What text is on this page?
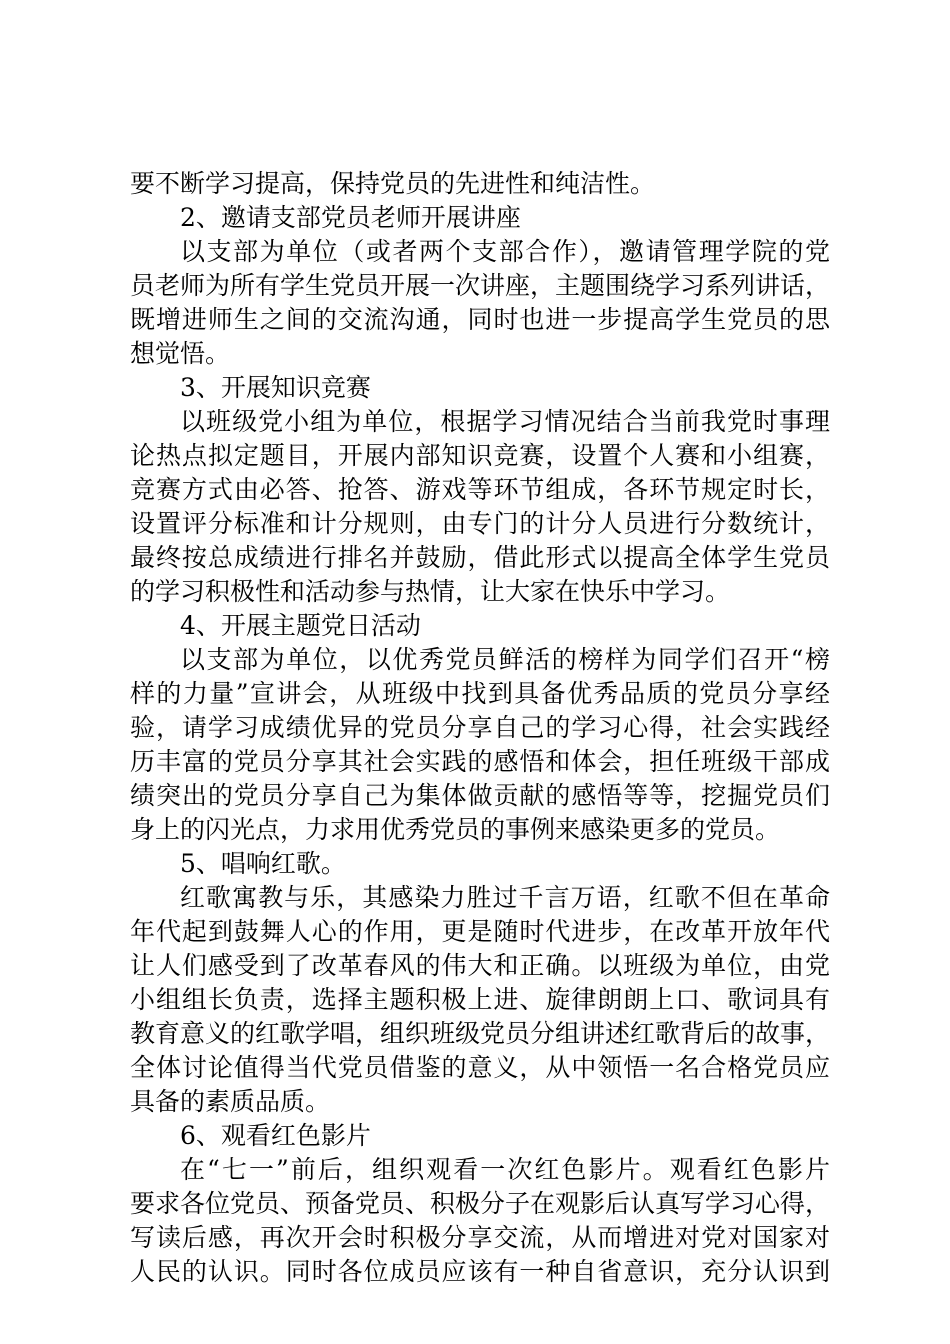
要不断学习提高，保持党员的先进性和纯洁性。
2、邀请支部党员老师开展讲座
以支部为单位（或者两个支部合作），邀请管理学院的党
员老师为所有学生党员开展一次讲座，主题围绕学习系列讲话，
既增进师生之间的交流沟通，同时也进一步提高学生党员的思
想觉悟。
3、开展知识竞赛
以班级党小组为单位，根据学习情况结合当前我党时事理
论热点拟定题目，开展内部知识竞赛，设置个人赛和小组赛，
竞赛方式由必答、抢答、游戏等环节组成，各环节规定时长，
设置评分标准和计分规则，由专门的计分人员进行分数统计，
最终按总成绩进行排名并鼓励，借此形式以提高全体学生党员
的学习积极性和活动参与热情，让大家在快乐中学习。
4、开展主题党日活动
以支部为单位，以优秀党员鲜活的榜样为同学们召开“榜
样的力量”宣讲会，从班级中找到具备优秀品质的党员分享经
验，请学习成绩优异的党员分享自己的学习心得，社会实践经
历丰富的党员分享其社会实践的感悟和体会，担任班级干部成
绩突出的党员分享自己为集体做贡献的感悟等等，挖掘党员们
身上的闪光点，力求用优秀党员的事例来感染更多的党员。
5、唱响红歌。
红歌寓教与乐，其感染力胜过千言万语，红歌不但在革命
年代起到鼓舞人心的作用，更是随时代进步，在改革开放年代
让人们感受到了改革春风的伟大和正确。以班级为单位，由党
小组组长负责，选择主题积极上进、旋律朗朗上口、歌词具有
教育意义的红歌学唱，组织班级党员分组讲述红歌背后的故事，
全体讨论值得当代党员借鉴的意义，从中领悟一名合格党员应
具备的素质品质。
6、观看红色影片
在“七一”前后，组织观看一次红色影片。观看红色影片
要求各位党员、预备党员、积极分子在观影后认真写学习心得，
写读后感，再次开会时积极分享交流，从而增进对党对国家对
人民的认识。同时各位成员应该有一种自省意识，充分认识到
